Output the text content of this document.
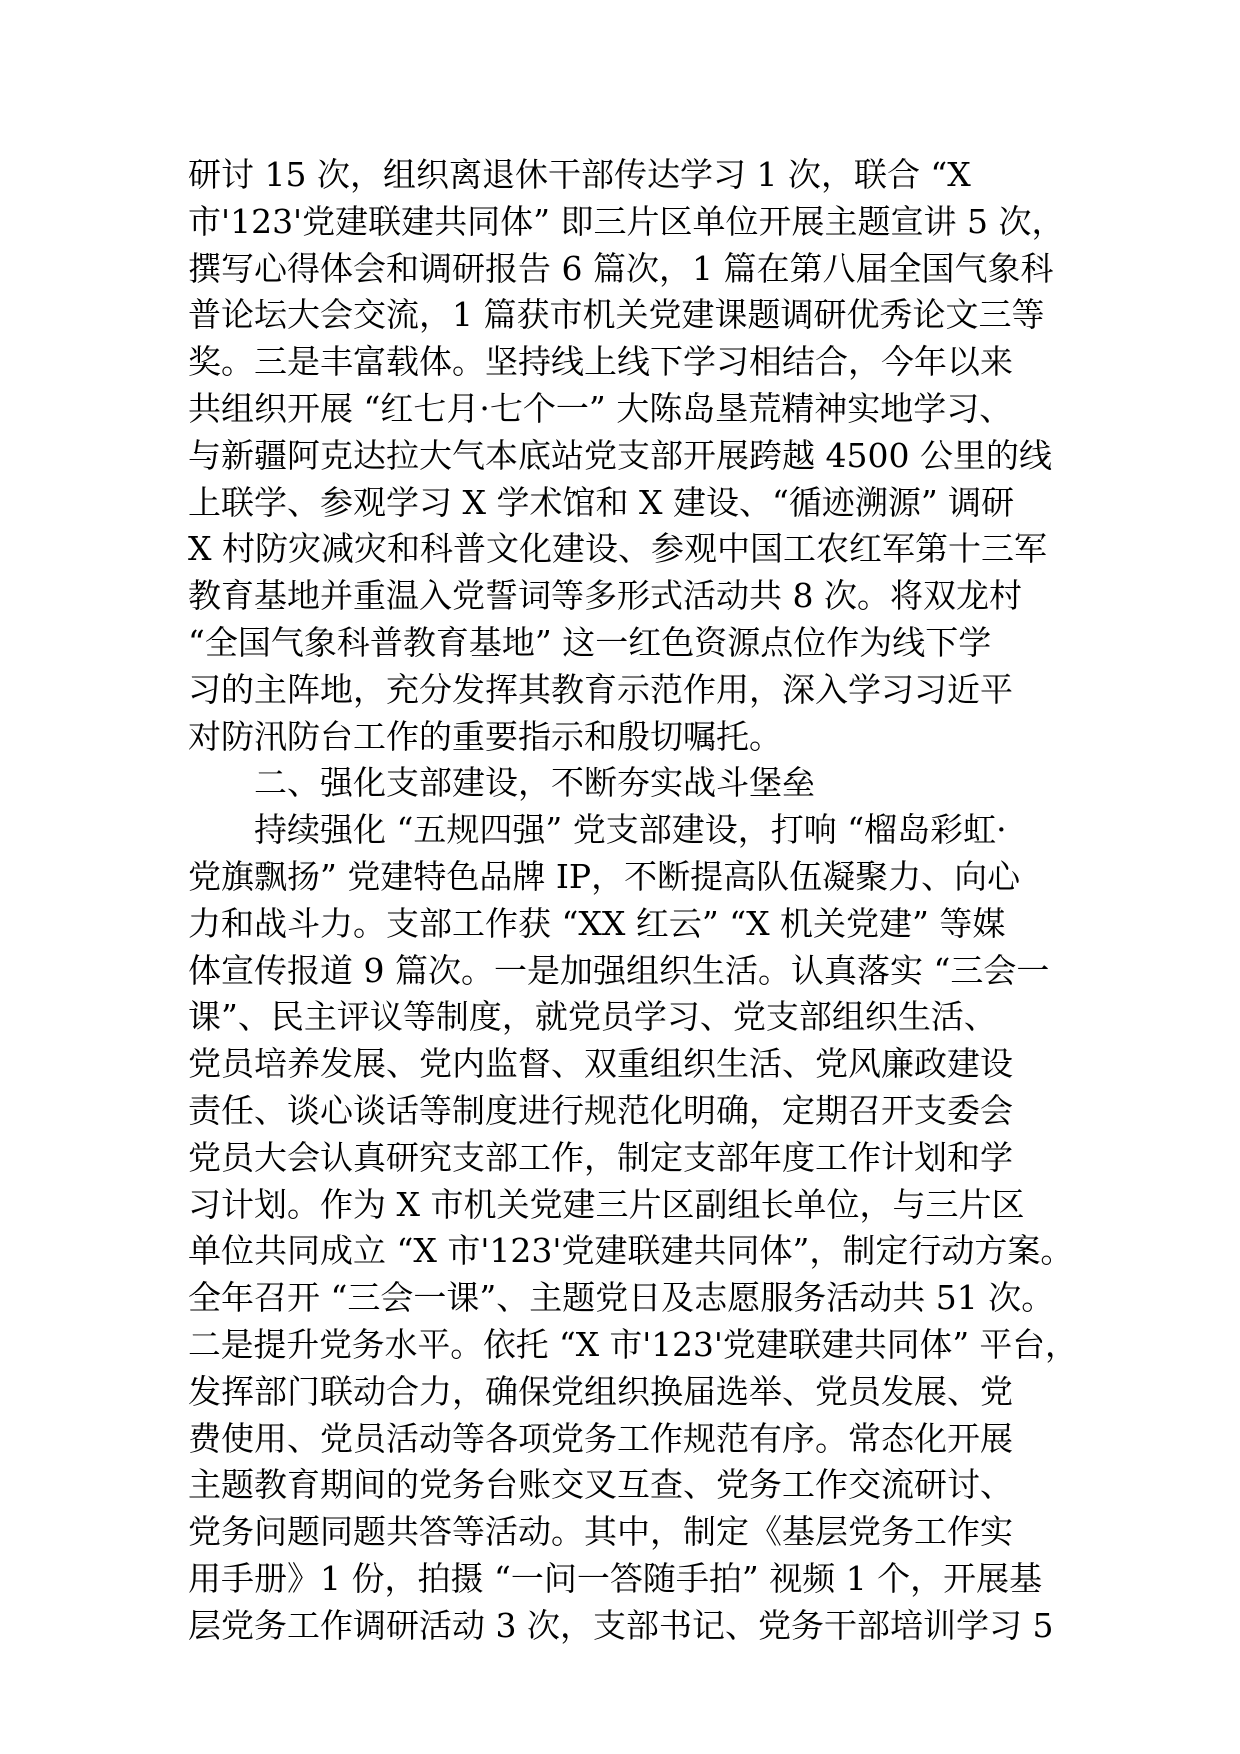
研讨 15 次，组织离退休干部传达学习 1 次，联合 “X
市'123'党建联建共同体” 即三片区单位开展主题宣讲 5 次，
撰写心得体会和调研报告 6 篇次，1 篇在第八届全国气象科
普论坛大会交流，1 篇获市机关党建课题调研优秀论文三等
奖。三是丰富载体。坚持线上线下学习相结合，今年以来
共组织开展 “红七月·七个一” 大陈岛垦荒精神实地学习、
与新疆阿克达拉大气本底站党支部开展跨越 4500 公里的线
上联学、参观学习 X 学术馆和 X 建设、“循迹溯源” 调研
X 村防灾减灾和科普文化建设、参观中国工农红军第十三军
教育基地并重温入党誓词等多形式活动共 8 次。将双龙村
“全国气象科普教育基地” 这一红色资源点位作为线下学
习的主阵地，充分发挥其教育示范作用，深入学习习近平
对防汛防台工作的重要指示和殷切嘱托。
　　二、强化支部建设，不断夯实战斗堡垒
　　持续强化 “五规四强” 党支部建设，打响 “榴岛彩虹·
党旗飘扬” 党建特色品牌 IP，不断提高队伍凝聚力、向心
力和战斗力。支部工作获 “XX 红云” “X 机关党建” 等媒
体宣传报道 9 篇次。一是加强组织生活。认真落实 “三会一
课”、民主评议等制度，就党员学习、党支部组织生活、
党员培养发展、党内监督、双重组织生活、党风廉政建设
责任、谈心谈话等制度进行规范化明确，定期召开支委会
党员大会认真研究支部工作，制定支部年度工作计划和学
习计划。作为 X 市机关党建三片区副组长单位，与三片区
单位共同成立 “X 市'123'党建联建共同体”，制定行动方案。
全年召开 “三会一课”、主题党日及志愿服务活动共 51 次。
二是提升党务水平。依托 “X 市'123'党建联建共同体” 平台，
发挥部门联动合力，确保党组织换届选举、党员发展、党
费使用、党员活动等各项党务工作规范有序。常态化开展
主题教育期间的党务台账交叉互查、党务工作交流研讨、
党务问题同题共答等活动。其中，制定《基层党务工作实
用手册》1 份，拍摄 “一问一答随手拍” 视频 1 个，开展基
层党务工作调研活动 3 次，支部书记、党务干部培训学习 5
